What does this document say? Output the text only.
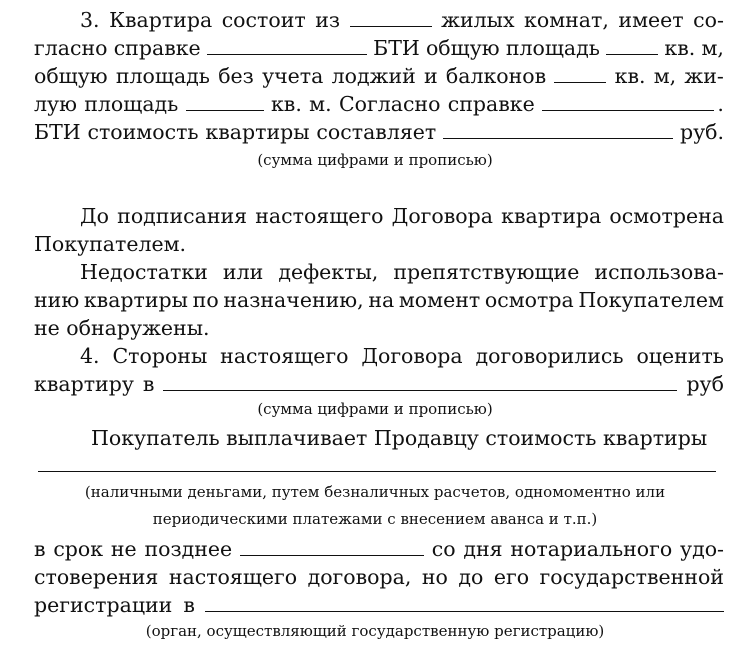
3. Квартира состоит из	жилых комнат, имеет со-
гласно справке	БТИ общую площадь	кв. м,
общую площадь без учета лоджий и балконов	кв. м, жи-
лую площадь	кв. м. Согласно справке	.
БТИ стоимость квартиры составляет	руб.
(сумма цифрами и прописью)
До подписания настоящего Договора квартира осмотрена
Покупателем.
Недостатки или дефекты, препятствующие использова-
нию квартиры по назначению, на момент осмотра Покупателем
не обнаружены.
4. Стороны настоящего Договора договорились оценить
квартиру в	руб
(сумма цифрами и прописью)
Покупатель выплачивает Продавцу стоимость квартиры
(наличными деньгами, путем безналичных расчетов, одномоментно или
периодическими платежами с внесением аванса и т.п.)
в срок не позднее	со дня нотариального удо-
стоверения настоящего договора, но до его государственной
регистрации в
(орган, осуществляющий государственную регистрацию)
